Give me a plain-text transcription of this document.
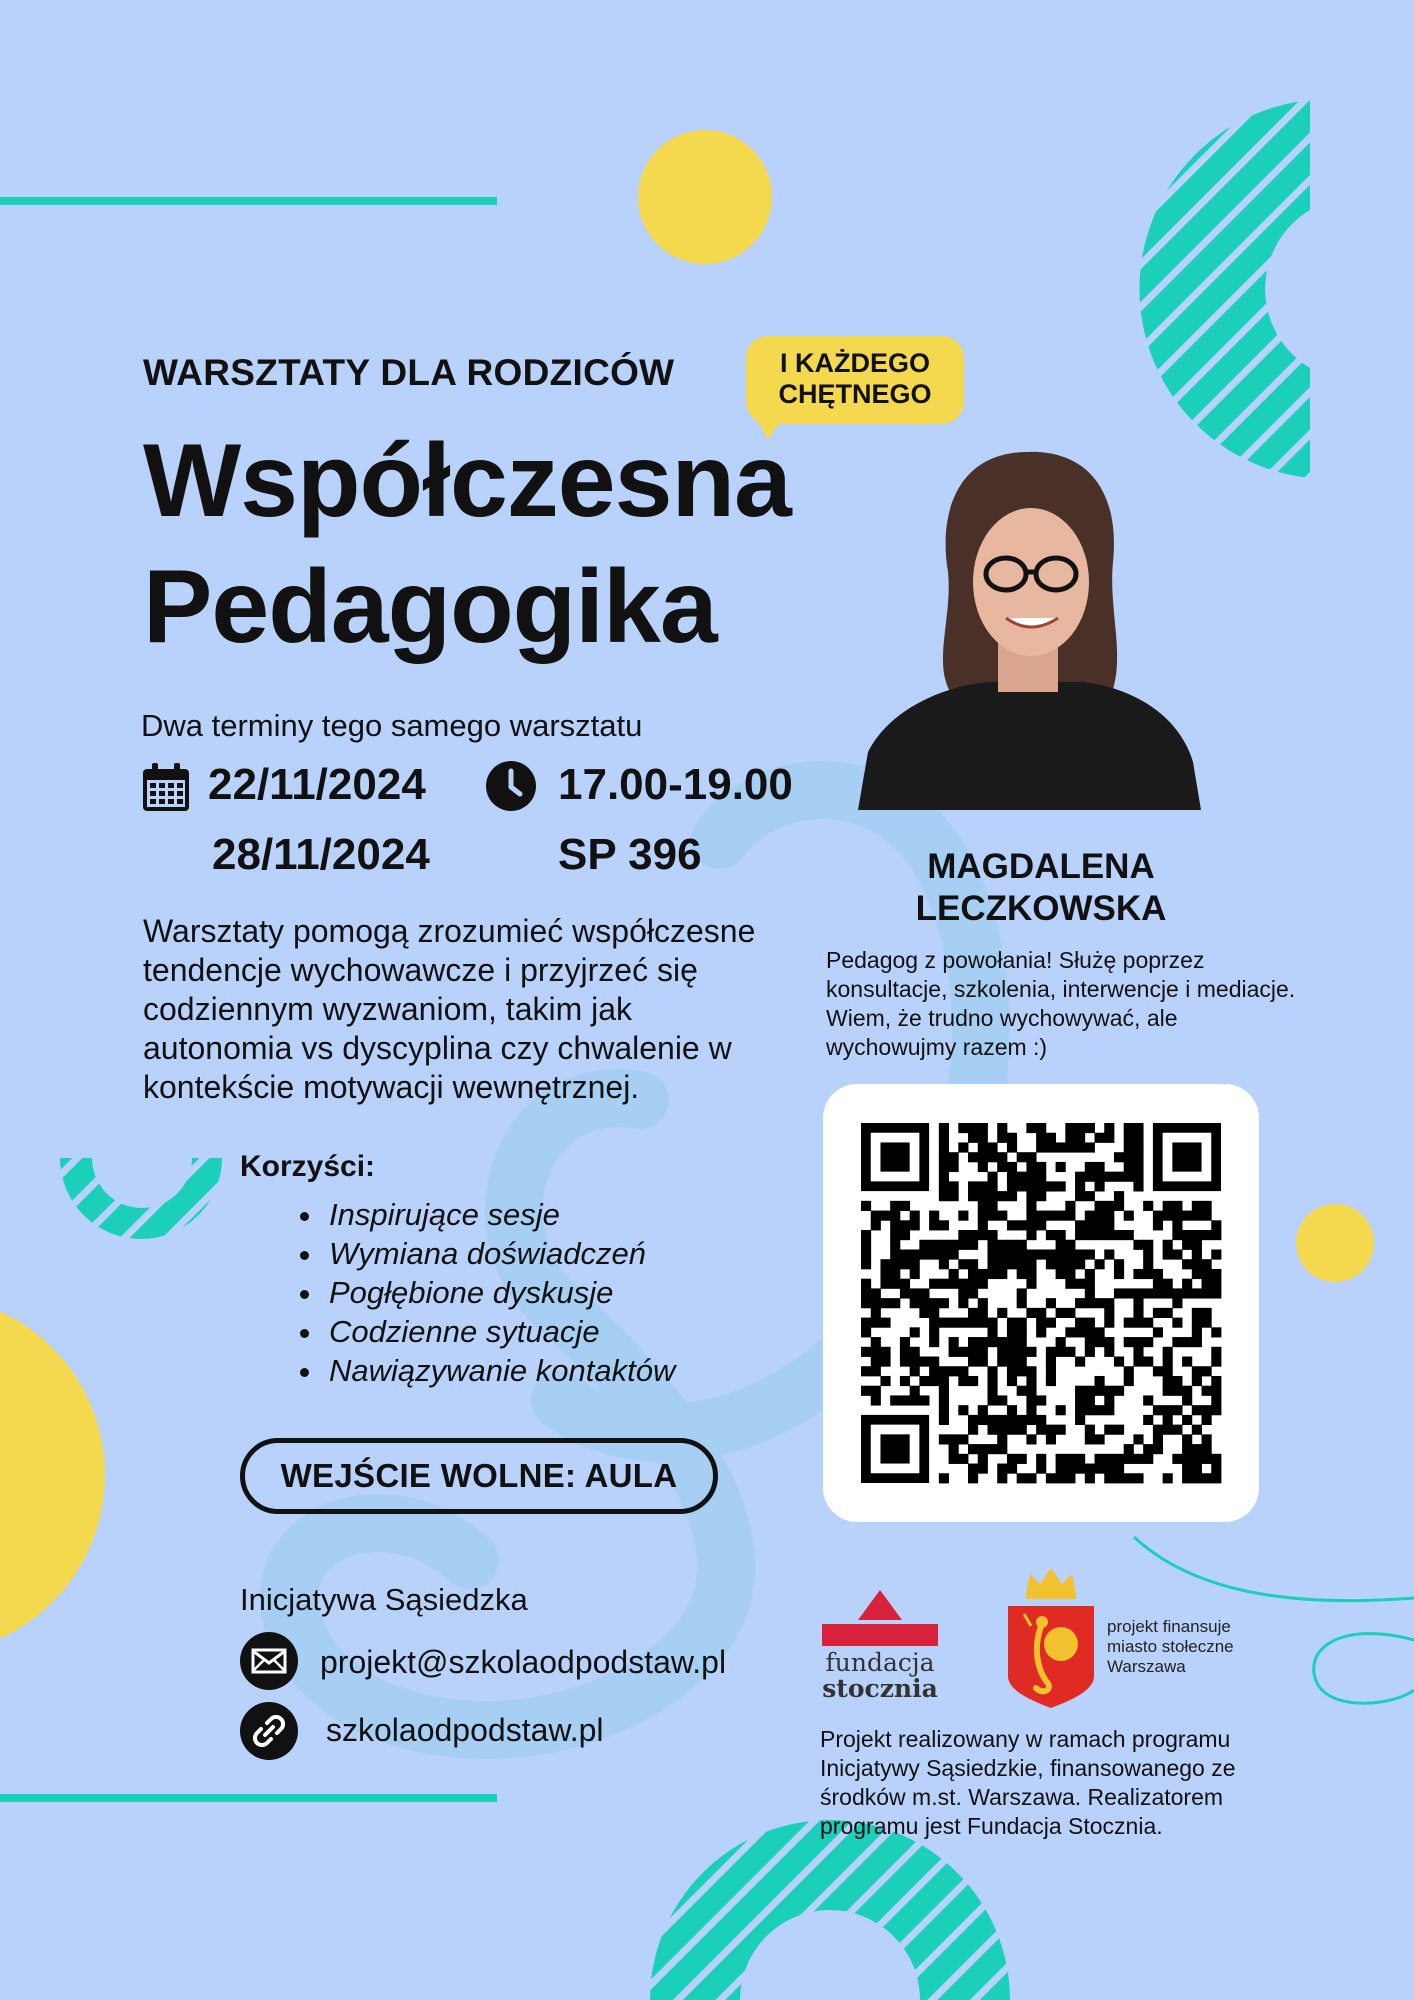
WARSZTATY DLA RODZICÓW	I KAŻDEGO
CHĘTNEGO
Współczesna
Pedagogika
Dwa terminy tego samego warsztatu
22/11/2024
28/11/2024
17.00-19.00
SP 396
Warsztaty pomogą zrozumieć współczesne tendencje wychowawcze i przyjrzeć się codziennym wyzwaniom, takim jak autonomia vs dyscyplina czy chwalenie w kontekście motywacji wewnętrznej.
Korzyści:
• Inspirujące sesje
• Wymiana doświadczeń
• Pogłębione dyskusje
• Codzienne sytuacje
• Nawiązywanie kontaktów
WEJŚCIE WOLNE: AULA
Inicjatywa Sąsiedzka
projekt@szkolaodpodstaw.pl
szkolaodpodstaw.pl
MAGDALENA
LECZKOWSKA
Pedagog z powołania! Służę poprzez konsultacje, szkolenia, interwencje i mediacje. Wiem, że trudno wychowywać, ale wychowujmy razem :)
fundacja
stocznia
projekt finansuje
miasto stołeczne
Warszawa
Projekt realizowany w ramach programu Inicjatywy Sąsiedzkie, finansowanego ze środków m.st. Warszawa. Realizatorem programu jest Fundacja Stocznia.
